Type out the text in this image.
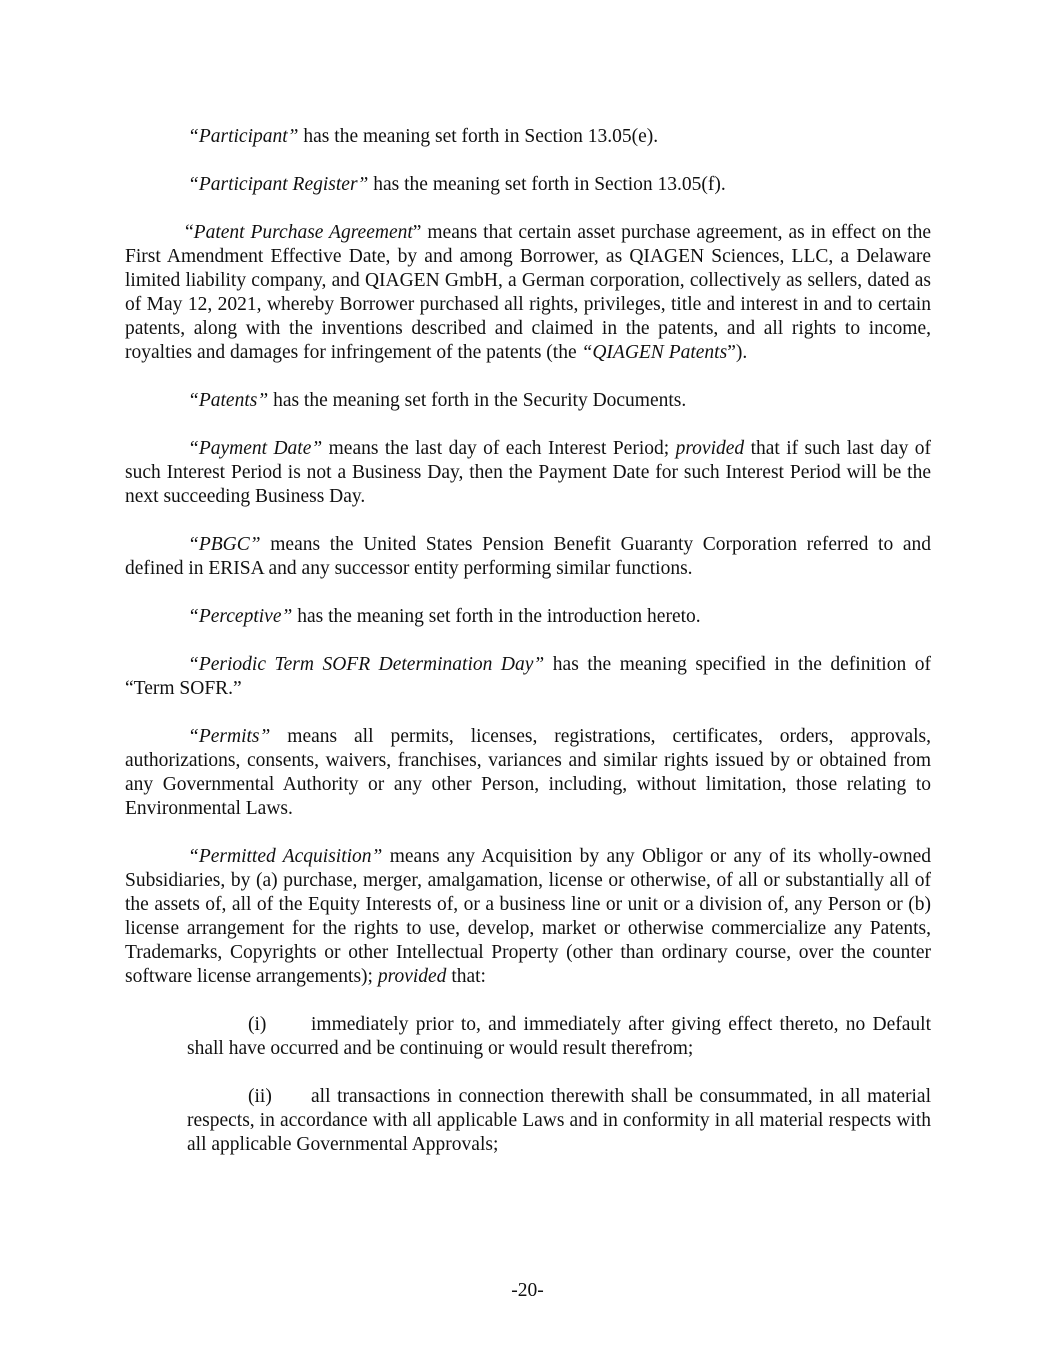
“Participant” has the meaning set forth in Section 13.05(e).

“Participant Register” has the meaning set forth in Section 13.05(f).

“Patent Purchase Agreement” means that certain asset purchase agreement, as in effect on the First Amendment Effective Date, by and among Borrower, as QIAGEN Sciences, LLC, a Delaware limited liability company, and QIAGEN GmbH, a German corporation, collectively as sellers, dated as of May 12, 2021, whereby Borrower purchased all rights, privileges, title and interest in and to certain patents, along with the inventions described and claimed in the patents, and all rights to income, royalties and damages for infringement of the patents (the “QIAGEN Patents”).

“Patents” has the meaning set forth in the Security Documents.

“Payment Date” means the last day of each Interest Period; provided that if such last day of such Interest Period is not a Business Day, then the Payment Date for such Interest Period will be the next succeeding Business Day.

“PBGC” means the United States Pension Benefit Guaranty Corporation referred to and defined in ERISA and any successor entity performing similar functions.

“Perceptive” has the meaning set forth in the introduction hereto.

“Periodic Term SOFR Determination Day” has the meaning specified in the definition of “Term SOFR.”

“Permits” means all permits, licenses, registrations, certificates, orders, approvals, authorizations, consents, waivers, franchises, variances and similar rights issued by or obtained from any Governmental Authority or any other Person, including, without limitation, those relating to Environmental Laws.

“Permitted Acquisition” means any Acquisition by any Obligor or any of its wholly-owned Subsidiaries, by (a) purchase, merger, amalgamation, license or otherwise, of all or substantially all of the assets of, all of the Equity Interests of, or a business line or unit or a division of, any Person or (b) license arrangement for the rights to use, develop, market or otherwise commercialize any Patents, Trademarks, Copyrights or other Intellectual Property (other than ordinary course, over the counter software license arrangements); provided that:

(i) immediately prior to, and immediately after giving effect thereto, no Default shall have occurred and be continuing or would result therefrom;

(ii) all transactions in connection therewith shall be consummated, in all material respects, in accordance with all applicable Laws and in conformity in all material respects with all applicable Governmental Approvals;

-20-
